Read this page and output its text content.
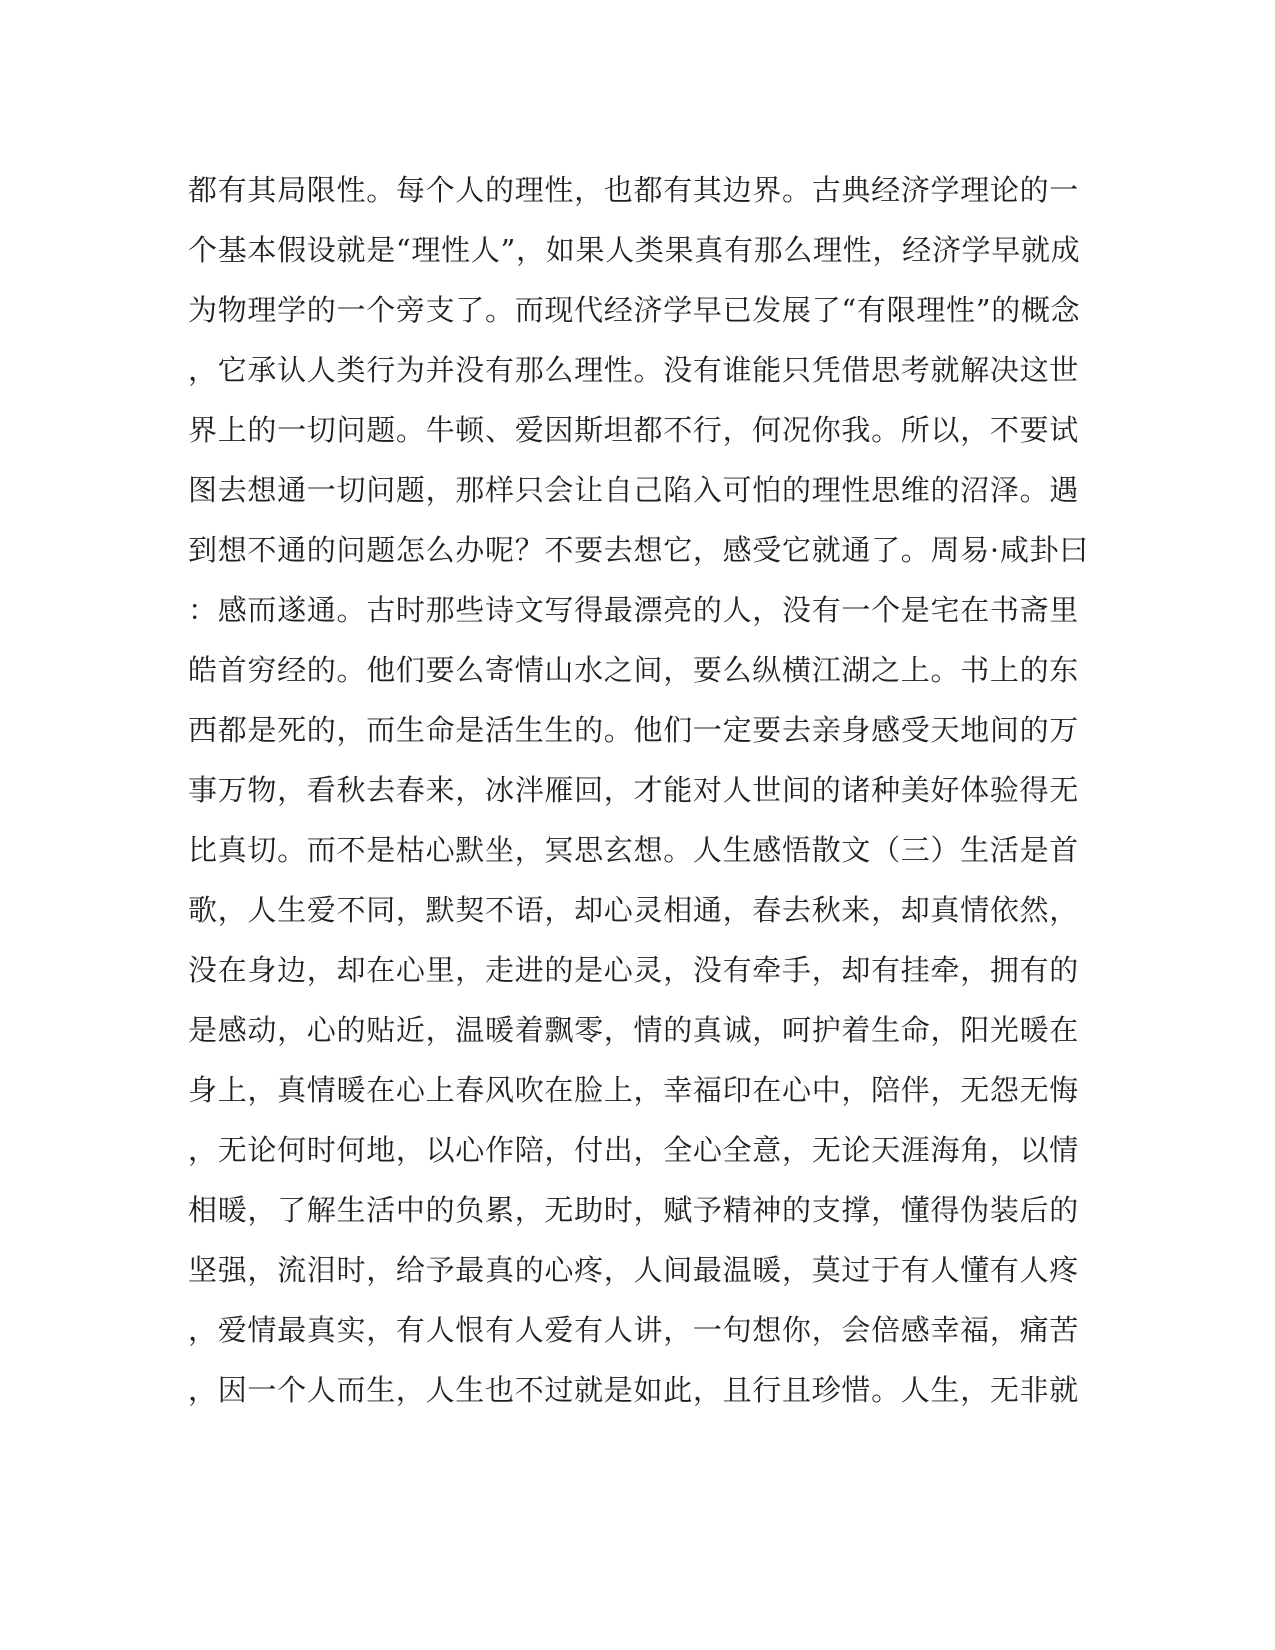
都有其局限性。每个人的理性，也都有其边界。古典经济学理论的一

个基本假设就是“理性人”，如果人类果真有那么理性，经济学早就成

为物理学的一个旁支了。而现代经济学早已发展了“有限理性”的概念

，它承认人类行为并没有那么理性。没有谁能只凭借思考就解决这世

界上的一切问题。牛顿、爱因斯坦都不行，何况你我。所以，不要试

图去想通一切问题，那样只会让自己陷入可怕的理性思维的沼泽。遇

到想不通的问题怎么办呢？不要去想它，感受它就通了。周易·咸卦曰

：感而遂通。古时那些诗文写得最漂亮的人，没有一个是宅在书斋里

皓首穷经的。他们要么寄情山水之间，要么纵横江湖之上。书上的东

西都是死的，而生命是活生生的。他们一定要去亲身感受天地间的万

事万物，看秋去春来，冰泮雁回，才能对人世间的诸种美好体验得无

比真切。而不是枯心默坐，冥思玄想。人生感悟散文（三）生活是首

歌，人生爱不同，默契不语，却心灵相通，春去秋来，却真情依然，

没在身边，却在心里，走进的是心灵，没有牵手，却有挂牵，拥有的

是感动，心的贴近，温暖着飘零，情的真诚，呵护着生命，阳光暖在

身上，真情暖在心上春风吹在脸上，幸福印在心中，陪伴，无怨无悔

，无论何时何地，以心作陪，付出，全心全意，无论天涯海角，以情

相暖，了解生活中的负累，无助时，赋予精神的支撑，懂得伪装后的

坚强，流泪时，给予最真的心疼，人间最温暖，莫过于有人懂有人疼

，爱情最真实，有人恨有人爱有人讲，一句想你，会倍感幸福，痛苦

，因一个人而生，人生也不过就是如此，且行且珍惜。人生，无非就
